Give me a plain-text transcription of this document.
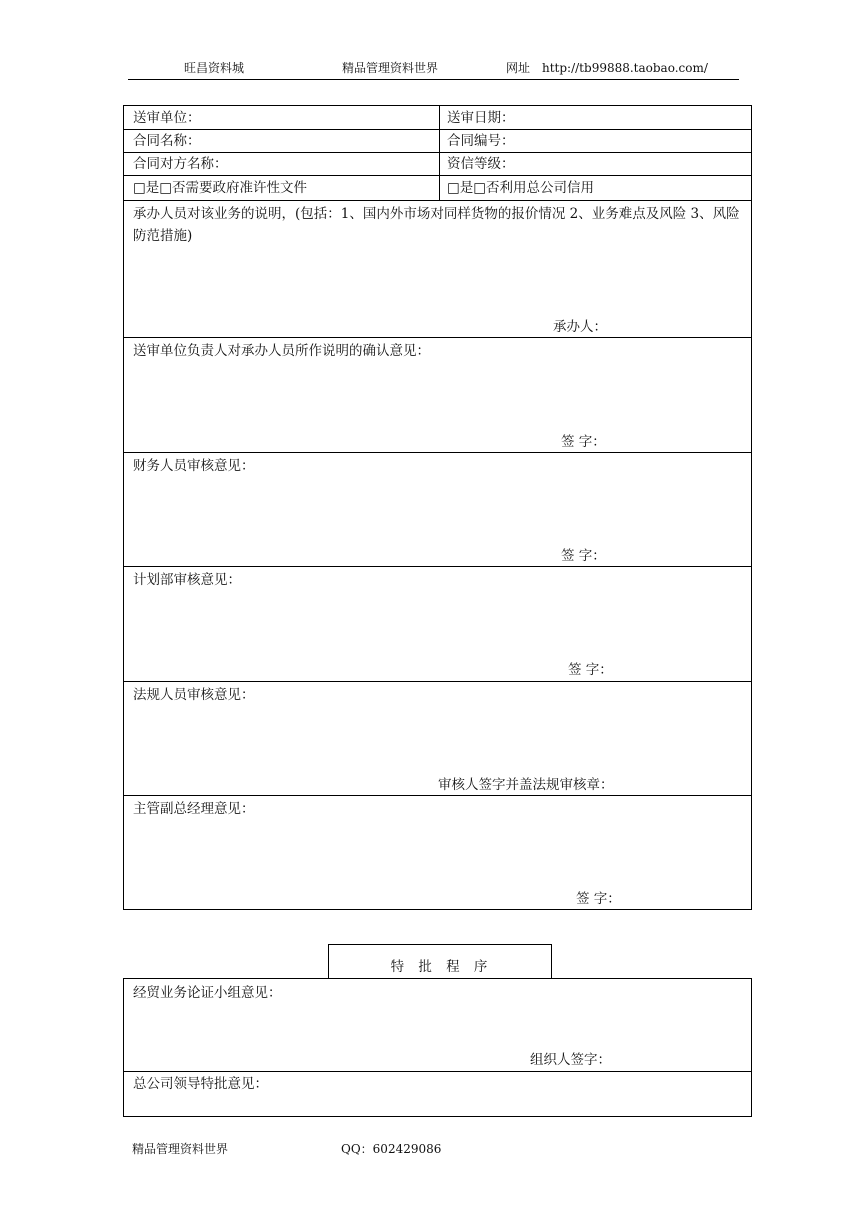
旺昌资料城	精品管理资料世界	网址 http://tb99888.taobao.com/
送审单位：	送审日期：
合同名称：	合同编号：
合同对方名称：	资信等级：
□是□否需要政府准许性文件	□是□否利用总公司信用
承办人员对该业务的说明，(包括：1、国内外市场对同样货物的报价情况 2、业务难点及风险 3、风险防范措施)
承办人：
送审单位负责人对承办人员所作说明的确认意见：
签 字：
财务人员审核意见：
签 字：
计划部审核意见：
签 字：
法规人员审核意见：
审核人签字并盖法规审核章：
主管副总经理意见：
签 字：
特 批 程 序
经贸业务论证小组意见：
组织人签字：
总公司领导特批意见：
精品管理资料世界	QQ：602429086
